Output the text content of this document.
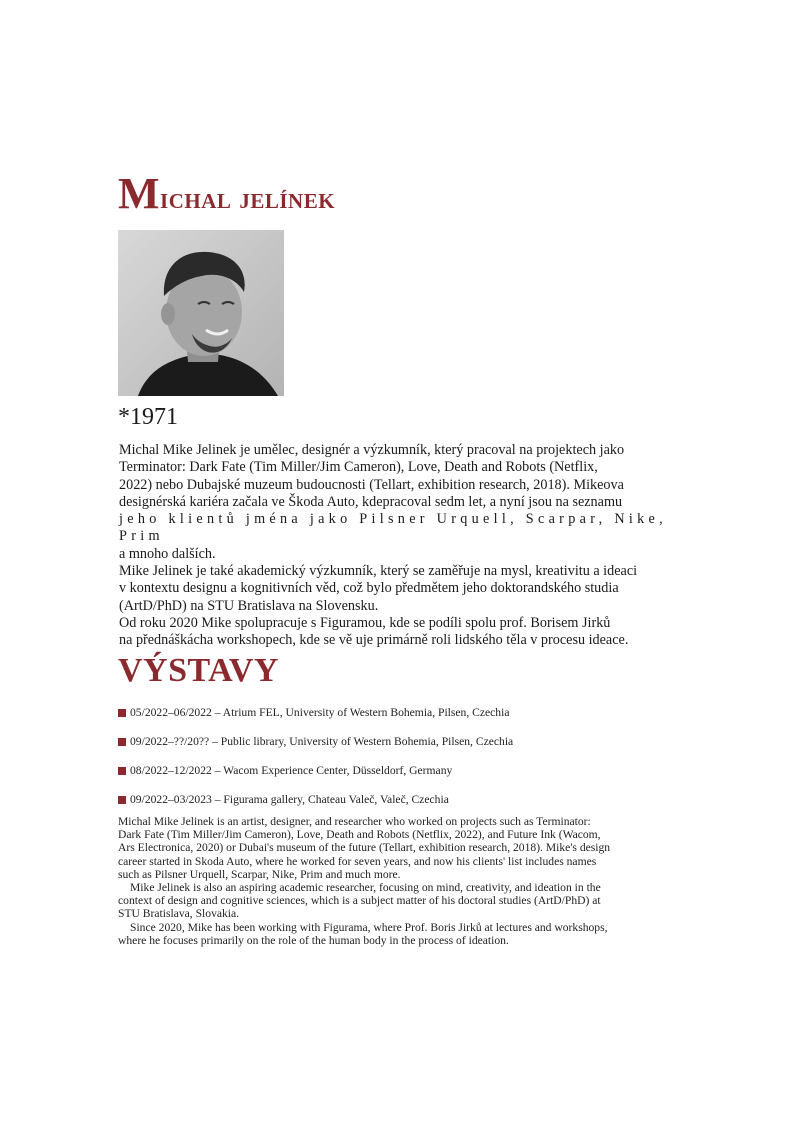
Michal jelínek
*1971

Michal Mike Jelinek je umělec, designér a výzkumník, který pracoval na projektech jako
Terminator: Dark Fate (Tim Miller/Jim Cameron), Love, Death and Robots (Netflix,
2022) nebo Dubajské muzeum budoucnosti (Tellart, exhibition research, 2018). Mikeova
designérská kariéra začala ve Škoda Auto, kdepracoval sedm let, a nyní jsou na seznamu
jeho klientů jména jako Pilsner Urquell, Scarpar, Nike, Prim
a mnoho dalších.

Mike Jelinek je také akademický výzkumník, který se zaměřuje na mysl, kreativitu a ideaci
v kontextu designu a kognitivních věd, což bylo předmětem jeho doktorandského studia
(ArtD/PhD) na STU Bratislava na Slovensku.

Od roku 2020 Mike spolupracuje s Figuramou, kde se podíli spolu prof. Borisem Jirků
na přednáškácha workshopech, kde se vě uje primárně roli lidského těla v procesu ideace.

VÝSTAVY
05/2022–06/2022 – Atrium FEL, University of Western Bohemia, Pilsen, Czechia
09/2022–??/20?? – Public library, University of Western Bohemia, Pilsen, Czechia
08/2022–12/2022 – Wacom Experience Center, Düsseldorf, Germany
09/2022–03/2023 – Figurama gallery, Chateau Valeč, Valeč, Czechia

Michal Mike Jelinek is an artist, designer, and researcher who worked on projects such as Terminator:
Dark Fate (Tim Miller/Jim Cameron), Love, Death and Robots (Netflix, 2022), and Future Ink (Wacom,
Ars Electronica, 2020) or Dubai's museum of the future (Tellart, exhibition research, 2018). Mike's design
career started in Skoda Auto, where he worked for seven years, and now his clients' list includes names
such as Pilsner Urquell, Scarpar, Nike, Prim and much more.

Mike Jelinek is also an aspiring academic researcher, focusing on mind, creativity, and ideation in the
context of design and cognitive sciences, which is a subject matter of his doctoral studies (ArtD/PhD) at
STU Bratislava, Slovakia.

Since 2020, Mike has been working with Figurama, where Prof. Boris Jirků at lectures and workshops,
where he focuses primarily on the role of the human body in the process of ideation.
